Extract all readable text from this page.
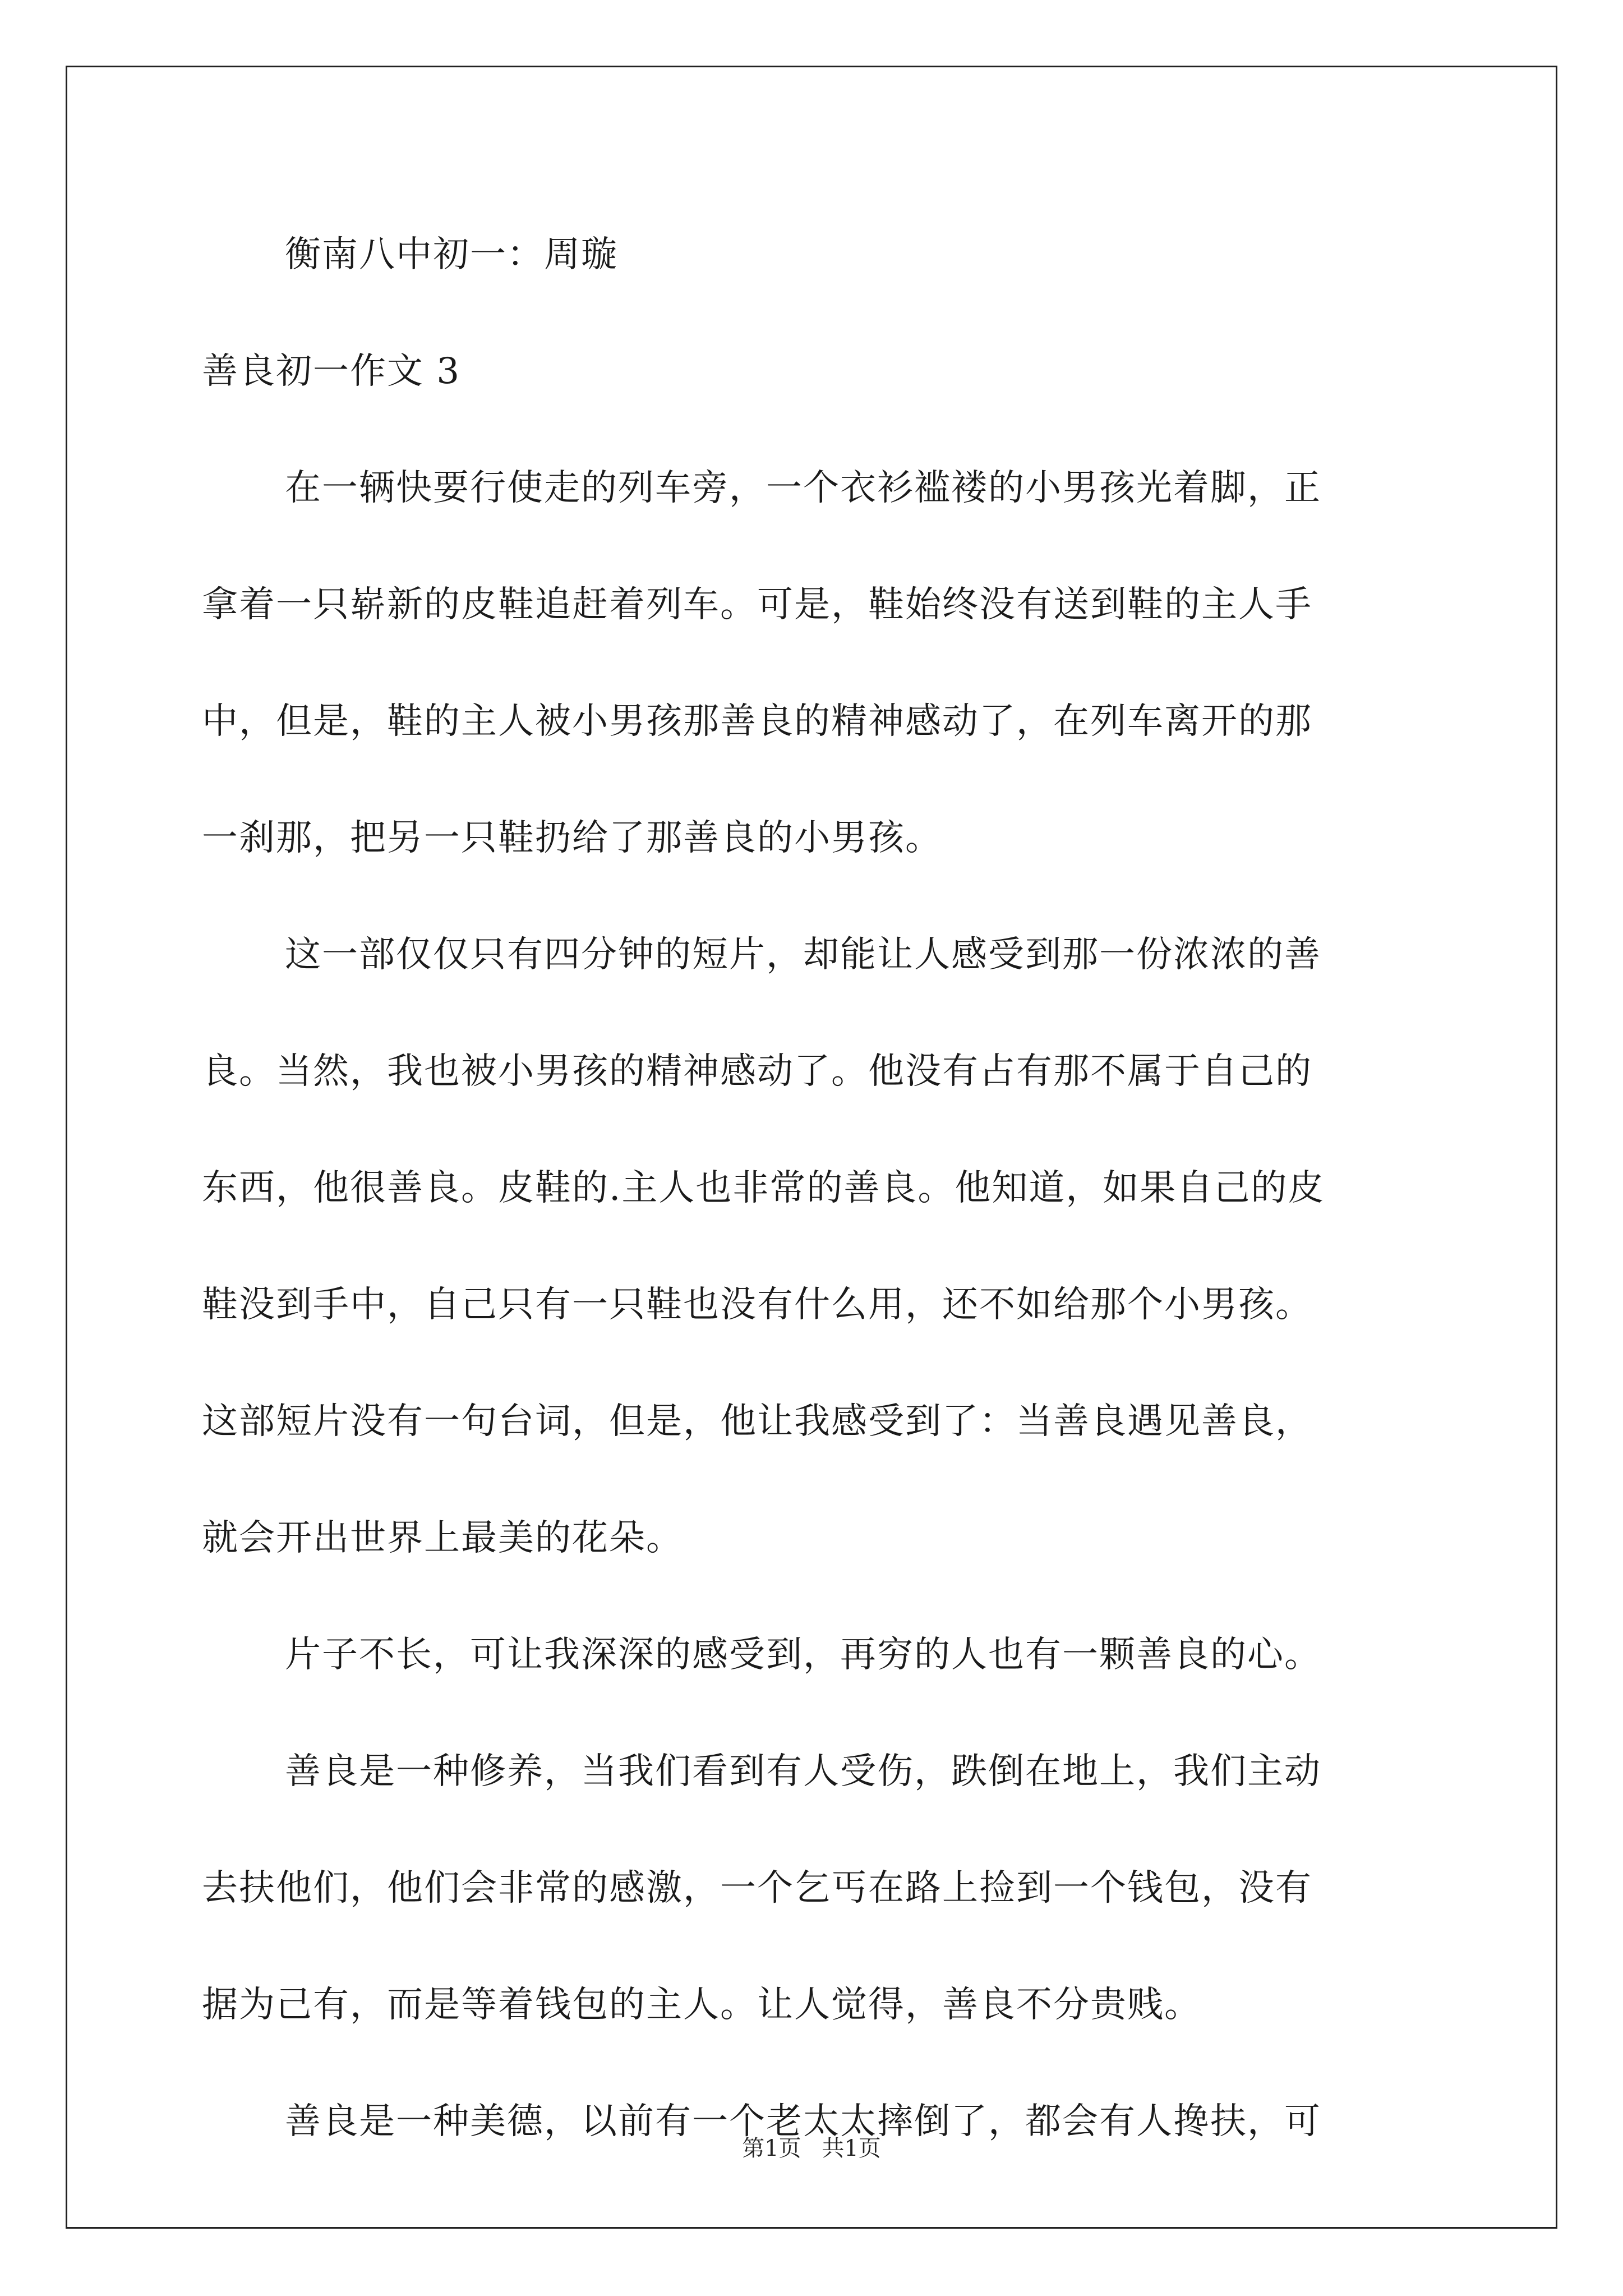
衡南八中初一：周璇
善良初一作文 3
在一辆快要行使走的列车旁，一个衣衫褴褛的小男孩光着脚，正
拿着一只崭新的皮鞋追赶着列车。可是，鞋始终没有送到鞋的主人手
中，但是，鞋的主人被小男孩那善良的精神感动了，在列车离开的那
一刹那，把另一只鞋扔给了那善良的小男孩。
这一部仅仅只有四分钟的短片，却能让人感受到那一份浓浓的善
良。当然，我也被小男孩的精神感动了。他没有占有那不属于自己的
东西，他很善良。皮鞋的.主人也非常的善良。他知道，如果自己的皮
鞋没到手中，自己只有一只鞋也没有什么用，还不如给那个小男孩。
这部短片没有一句台词，但是，他让我感受到了：当善良遇见善良，
就会开出世界上最美的花朵。
片子不长，可让我深深的感受到，再穷的人也有一颗善良的心。
善良是一种修养，当我们看到有人受伤，跌倒在地上，我们主动
去扶他们，他们会非常的感激，一个乞丐在路上捡到一个钱包，没有
据为己有，而是等着钱包的主人。让人觉得，善良不分贵贱。
善良是一种美德，以前有一个老太太摔倒了，都会有人搀扶，可
第1页 共1页
